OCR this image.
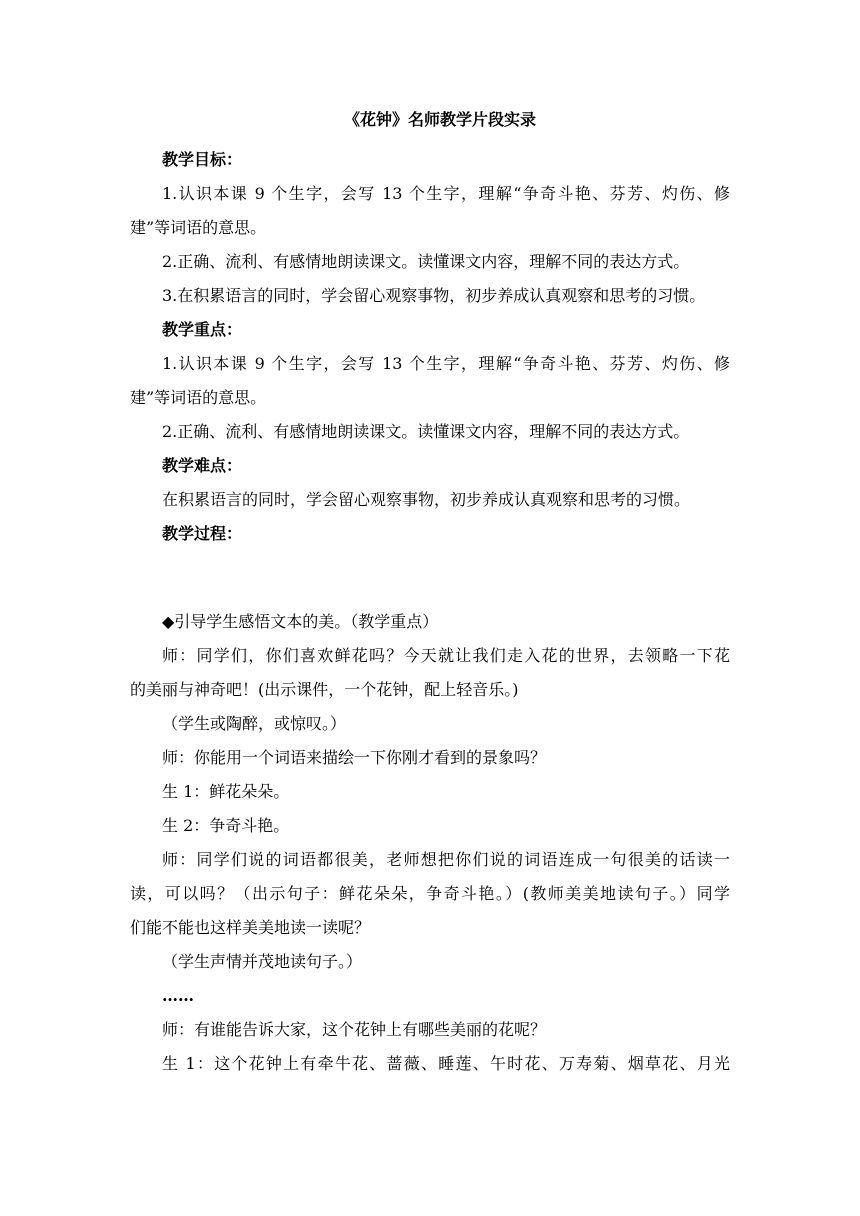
《花钟》名师教学片段实录
教学目标：
1.认识本课 9 个生字，会写 13 个生字，理解“争奇斗艳、芬芳、灼伤、修
建”等词语的意思。
2.正确、流利、有感情地朗读课文。读懂课文内容，理解不同的表达方式。
3.在积累语言的同时，学会留心观察事物，初步养成认真观察和思考的习惯。
教学重点：
1.认识本课 9 个生字，会写 13 个生字，理解“争奇斗艳、芬芳、灼伤、修
建”等词语的意思。
2.正确、流利、有感情地朗读课文。读懂课文内容，理解不同的表达方式。
教学难点：
在积累语言的同时，学会留心观察事物，初步养成认真观察和思考的习惯。
教学过程：
◆引导学生感悟文本的美。（教学重点）
师：同学们，你们喜欢鲜花吗？今天就让我们走入花的世界，去领略一下花
的美丽与神奇吧！(出示课件，一个花钟，配上轻音乐。)
（学生或陶醉，或惊叹。）
师：你能用一个词语来描绘一下你刚才看到的景象吗？
生 1：鲜花朵朵。
生 2：争奇斗艳。
师：同学们说的词语都很美，老师想把你们说的词语连成一句很美的话读一
读，可以吗？（出示句子：鲜花朵朵，争奇斗艳。）(教师美美地读句子。）同学
们能不能也这样美美地读一读呢？
（学生声情并茂地读句子。）
……
师：有谁能告诉大家，这个花钟上有哪些美丽的花呢？
生 1：这个花钟上有牵牛花、蔷薇、睡莲、午时花、万寿菊、烟草花、月光
